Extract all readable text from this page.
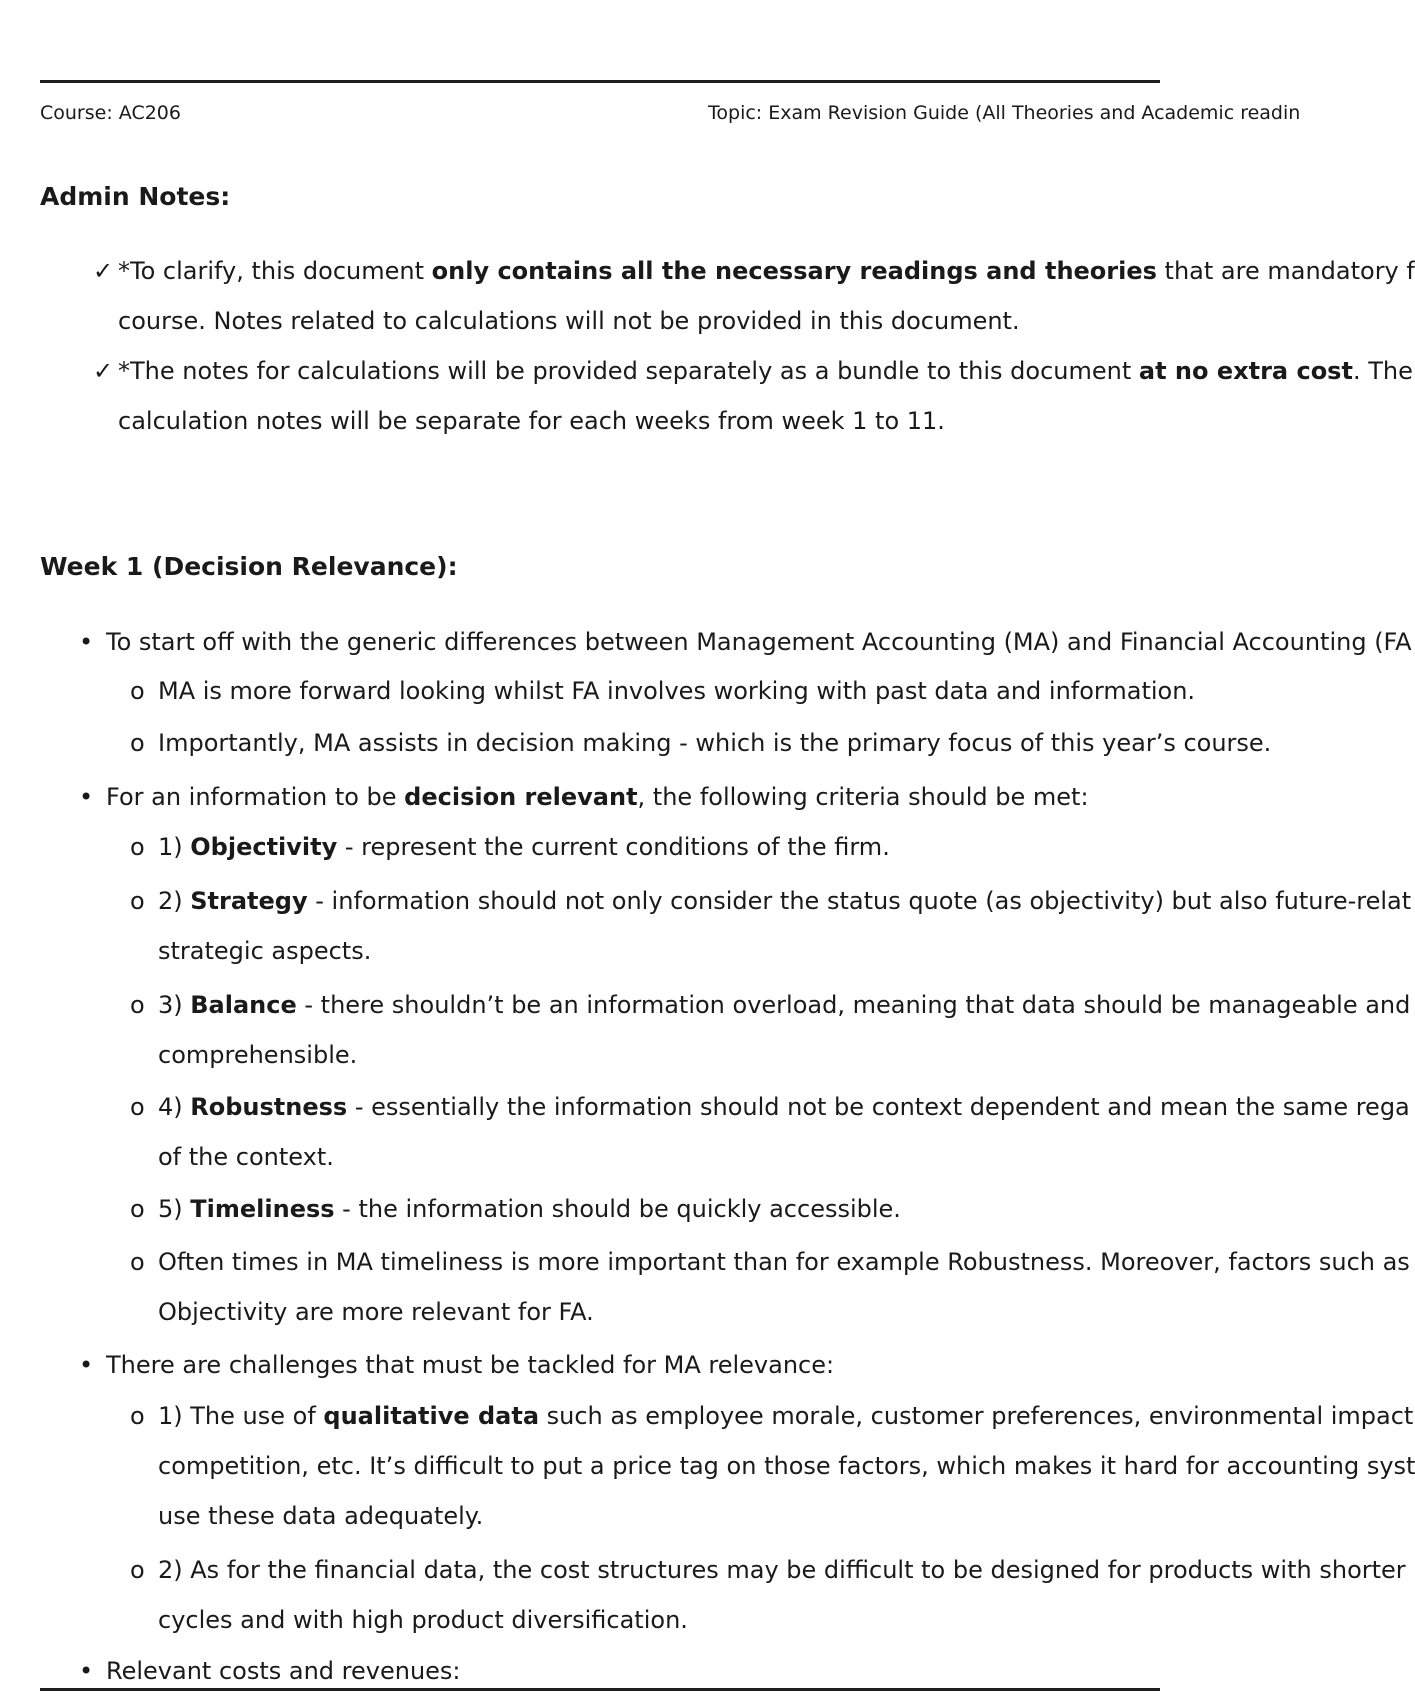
Course: AC206	Topic: Exam Revision Guide (All Theories and Academic readin
Admin Notes:
✓ *To clarify, this document only contains all the necessary readings and theories that are mandatory f
course. Notes related to calculations will not be provided in this document.
✓ *The notes for calculations will be provided separately as a bundle to this document at no extra cost. The
calculation notes will be separate for each weeks from week 1 to 11.
Week 1 (Decision Relevance):
• To start off with the generic differences between Management Accounting (MA) and Financial Accounting (FA
o MA is more forward looking whilst FA involves working with past data and information.
o Importantly, MA assists in decision making - which is the primary focus of this year’s course.
• For an information to be decision relevant, the following criteria should be met:
o 1) Objectivity - represent the current conditions of the firm.
o 2) Strategy - information should not only consider the status quote (as objectivity) but also future-relat
strategic aspects.
o 3) Balance - there shouldn’t be an information overload, meaning that data should be manageable and
comprehensible.
o 4) Robustness - essentially the information should not be context dependent and mean the same rega
of the context.
o 5) Timeliness - the information should be quickly accessible.
o Often times in MA timeliness is more important than for example Robustness. Moreover, factors such as
Objectivity are more relevant for FA.
• There are challenges that must be tackled for MA relevance:
o 1) The use of qualitative data such as employee morale, customer preferences, environmental impact
competition, etc. It’s difficult to put a price tag on those factors, which makes it hard for accounting syst
use these data adequately.
o 2) As for the financial data, the cost structures may be difficult to be designed for products with shorter
cycles and with high product diversification.
• Relevant costs and revenues:
